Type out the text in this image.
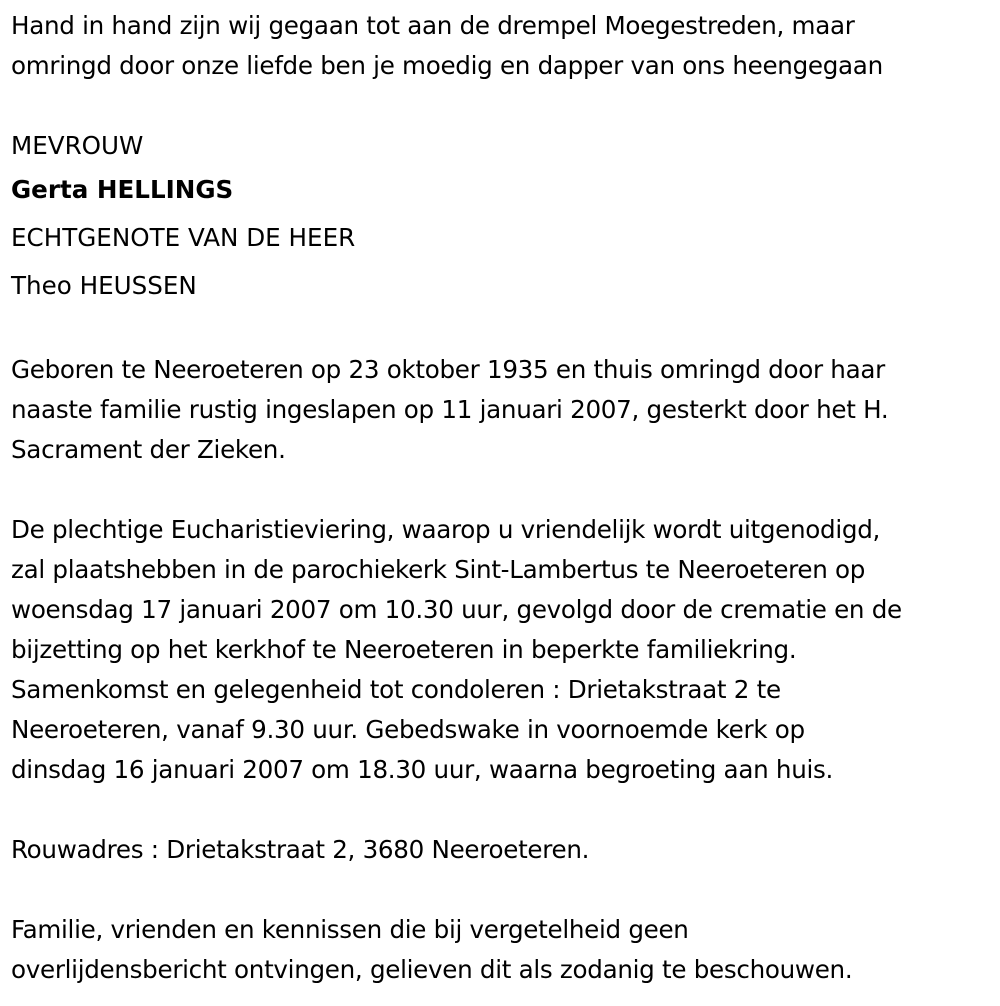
Hand in hand zijn wij gegaan tot aan de drempel Moegestreden, maar
omringd door onze liefde ben je moedig en dapper van ons heengegaan
MEVROUW
Gerta HELLINGS
ECHTGENOTE VAN DE HEER
Theo HEUSSEN
Geboren te Neeroeteren op 23 oktober 1935 en thuis omringd door haar
naaste familie rustig ingeslapen op 11 januari 2007, gesterkt door het H.
Sacrament der Zieken.
De plechtige Eucharistieviering, waarop u vriendelijk wordt uitgenodigd,
zal plaatshebben in de parochiekerk Sint-Lambertus te Neeroeteren op
woensdag 17 januari 2007 om 10.30 uur, gevolgd door de crematie en de
bijzetting op het kerkhof te Neeroeteren in beperkte familiekring.
Samenkomst en gelegenheid tot condoleren : Drietakstraat 2 te
Neeroeteren, vanaf 9.30 uur. Gebedswake in voornoemde kerk op
dinsdag 16 januari 2007 om 18.30 uur, waarna begroeting aan huis.
Rouwadres : Drietakstraat 2, 3680 Neeroeteren.
Familie, vrienden en kennissen die bij vergetelheid geen
overlijdensbericht ontvingen, gelieven dit als zodanig te beschouwen.
